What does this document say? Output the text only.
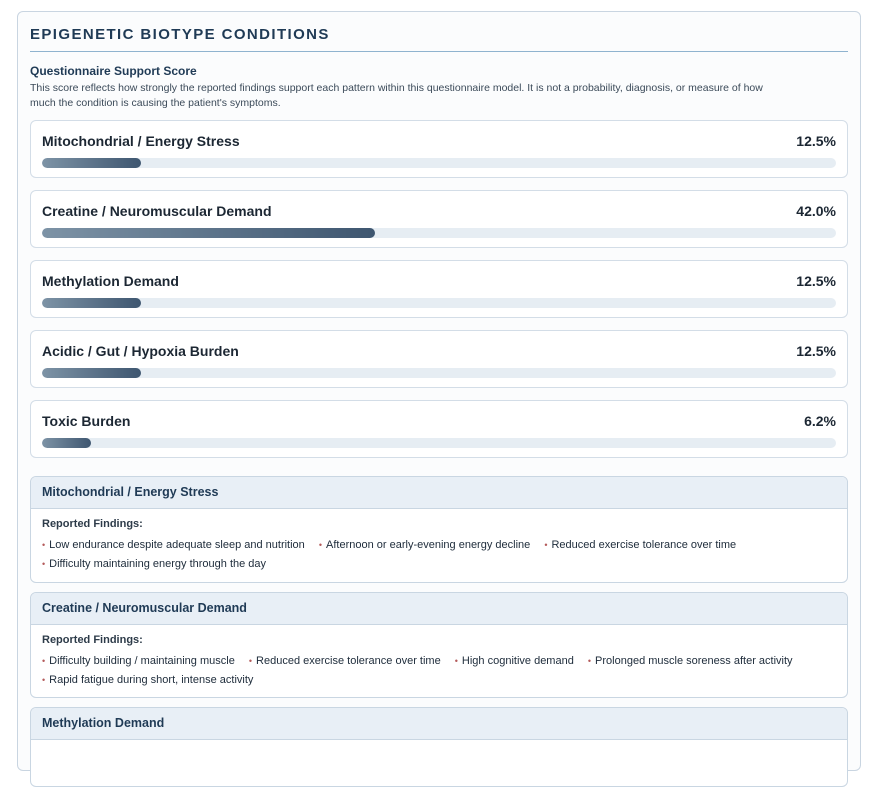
EPIGENETIC BIOTYPE CONDITIONS
Questionnaire Support Score
This score reflects how strongly the reported findings support each pattern within this questionnaire model. It is not a probability, diagnosis, or measure of how much the condition is causing the patient's symptoms.
Mitochondrial / Energy Stress	12.5%
Creatine / Neuromuscular Demand	42.0%
Methylation Demand	12.5%
Acidic / Gut / Hypoxia Burden	12.5%
Toxic Burden	6.2%
Mitochondrial / Energy Stress
Reported Findings:
• Low endurance despite adequate sleep and nutrition • Afternoon or early-evening energy decline • Reduced exercise tolerance over time • Difficulty maintaining energy through the day
Creatine / Neuromuscular Demand
Reported Findings:
• Difficulty building / maintaining muscle • Reduced exercise tolerance over time • High cognitive demand • Prolonged muscle soreness after activity • Rapid fatigue during short, intense activity
Methylation Demand
